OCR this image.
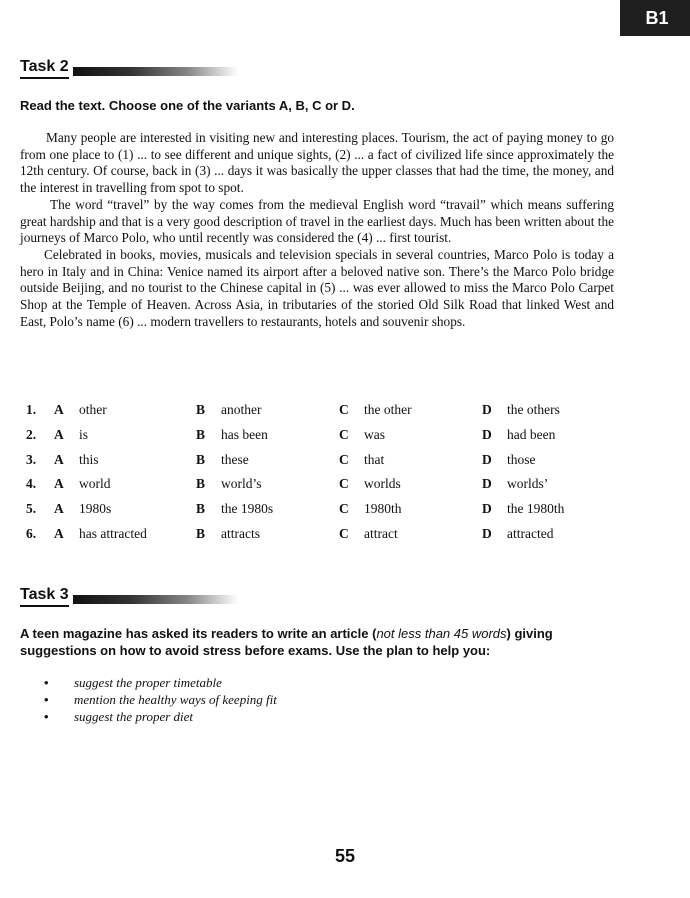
B1
Task 2
Read the text. Choose one of the variants A, B, C or D.

Many people are interested in visiting new and interesting places. Tourism, the act of paying money to go from one place to (1) ... to see different and unique sights, (2) ... a fact of civilized life since approximately the 12th century. Of course, back in (3) ... days it was basically the upper classes that had the time, the money, and the interest in travelling from spot to spot.

The word “travel” by the way comes from the medieval English word “travail” which means suffering great hardship and that is a very good description of travel in the earliest days. Much has been written about the journeys of Marco Polo, who until recently was considered the (4) ... first tourist.

Celebrated in books, movies, musicals and television specials in several countries, Marco Polo is today a hero in Italy and in China: Venice named its airport after a beloved native son. There’s the Marco Polo bridge outside Beijing, and no tourist to the Chinese capital in (5) ... was ever allowed to miss the Marco Polo Carpet Shop at the Temple of Heaven. Across Asia, in tributaries of the storied Old Silk Road that linked West and East, Polo’s name (6) ... modern travellers to restaurants, hotels and souvenir shops.

1. A other	B another	C the other	D the others
2. A is	B has been	C was	D had been
3. A this	B these	C that	D those
4. A world	B world’s	C worlds	D worlds’
5. A 1980s	B the 1980s	C 1980th	D the 1980th
6. A has attracted	B attracts	C attract	D attracted
Task 3
A teen magazine has asked its readers to write an article (not less than 45 words) giving suggestions on how to avoid stress before exams. Use the plan to help you:
• suggest the proper timetable
• mention the healthy ways of keeping fit
• suggest the proper diet
55
